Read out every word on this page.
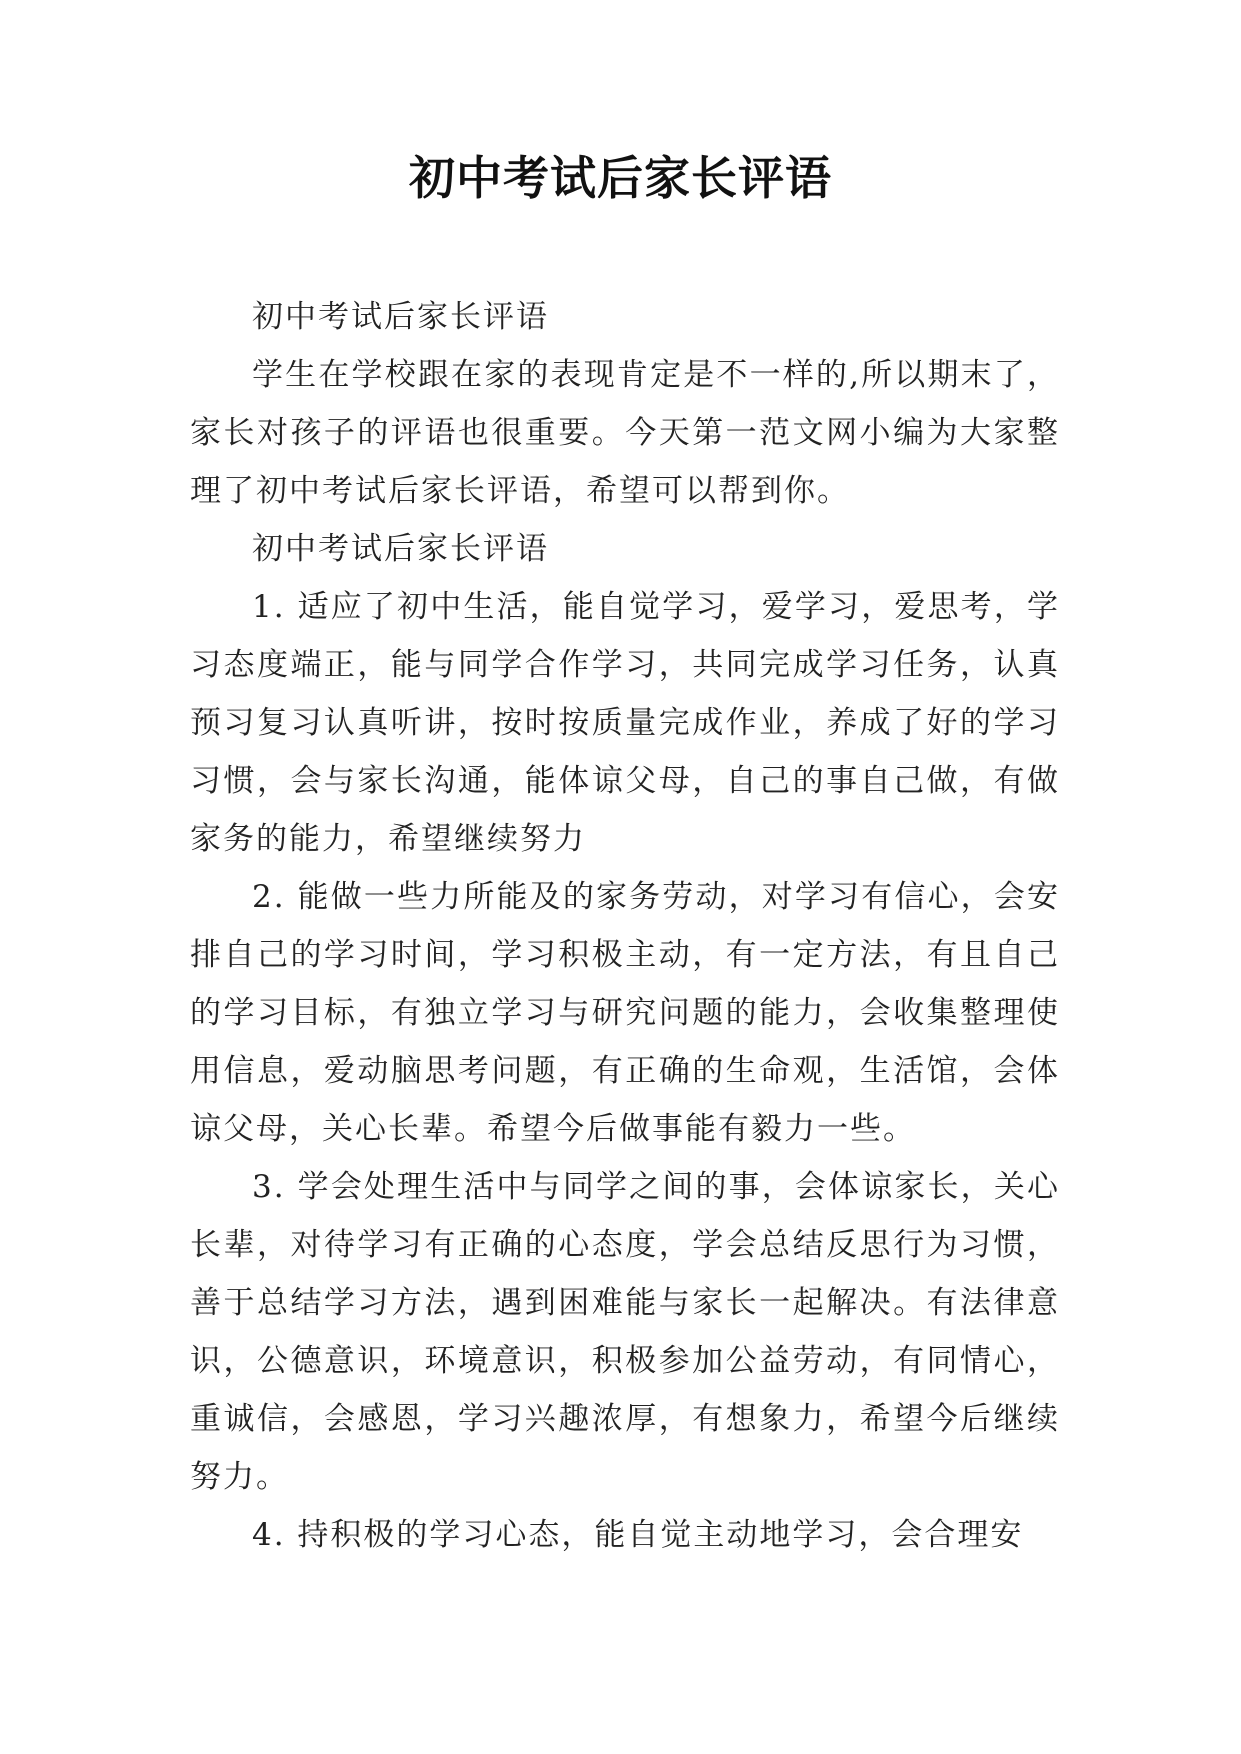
初中考试后家长评语

初中考试后家长评语

学生在学校跟在家的表现肯定是不一样的,所以期末了，家长对孩子的评语也很重要。今天第一范文网小编为大家整理了初中考试后家长评语，希望可以帮到你。

初中考试后家长评语

1. 适应了初中生活，能自觉学习，爱学习，爱思考，学习态度端正，能与同学合作学习，共同完成学习任务，认真预习复习认真听讲，按时按质量完成作业，养成了好的学习习惯，会与家长沟通，能体谅父母，自己的事自己做，有做家务的能力，希望继续努力

2. 能做一些力所能及的家务劳动，对学习有信心，会安排自己的学习时间，学习积极主动，有一定方法，有且自己的学习目标，有独立学习与研究问题的能力，会收集整理使用信息，爱动脑思考问题，有正确的生命观，生活馆，会体谅父母，关心长辈。希望今后做事能有毅力一些。

3. 学会处理生活中与同学之间的事，会体谅家长，关心长辈，对待学习有正确的心态度，学会总结反思行为习惯，善于总结学习方法，遇到困难能与家长一起解决。有法律意识，公德意识，环境意识，积极参加公益劳动，有同情心，重诚信，会感恩，学习兴趣浓厚，有想象力，希望今后继续努力。

4. 持积极的学习心态，能自觉主动地学习，会合理安
